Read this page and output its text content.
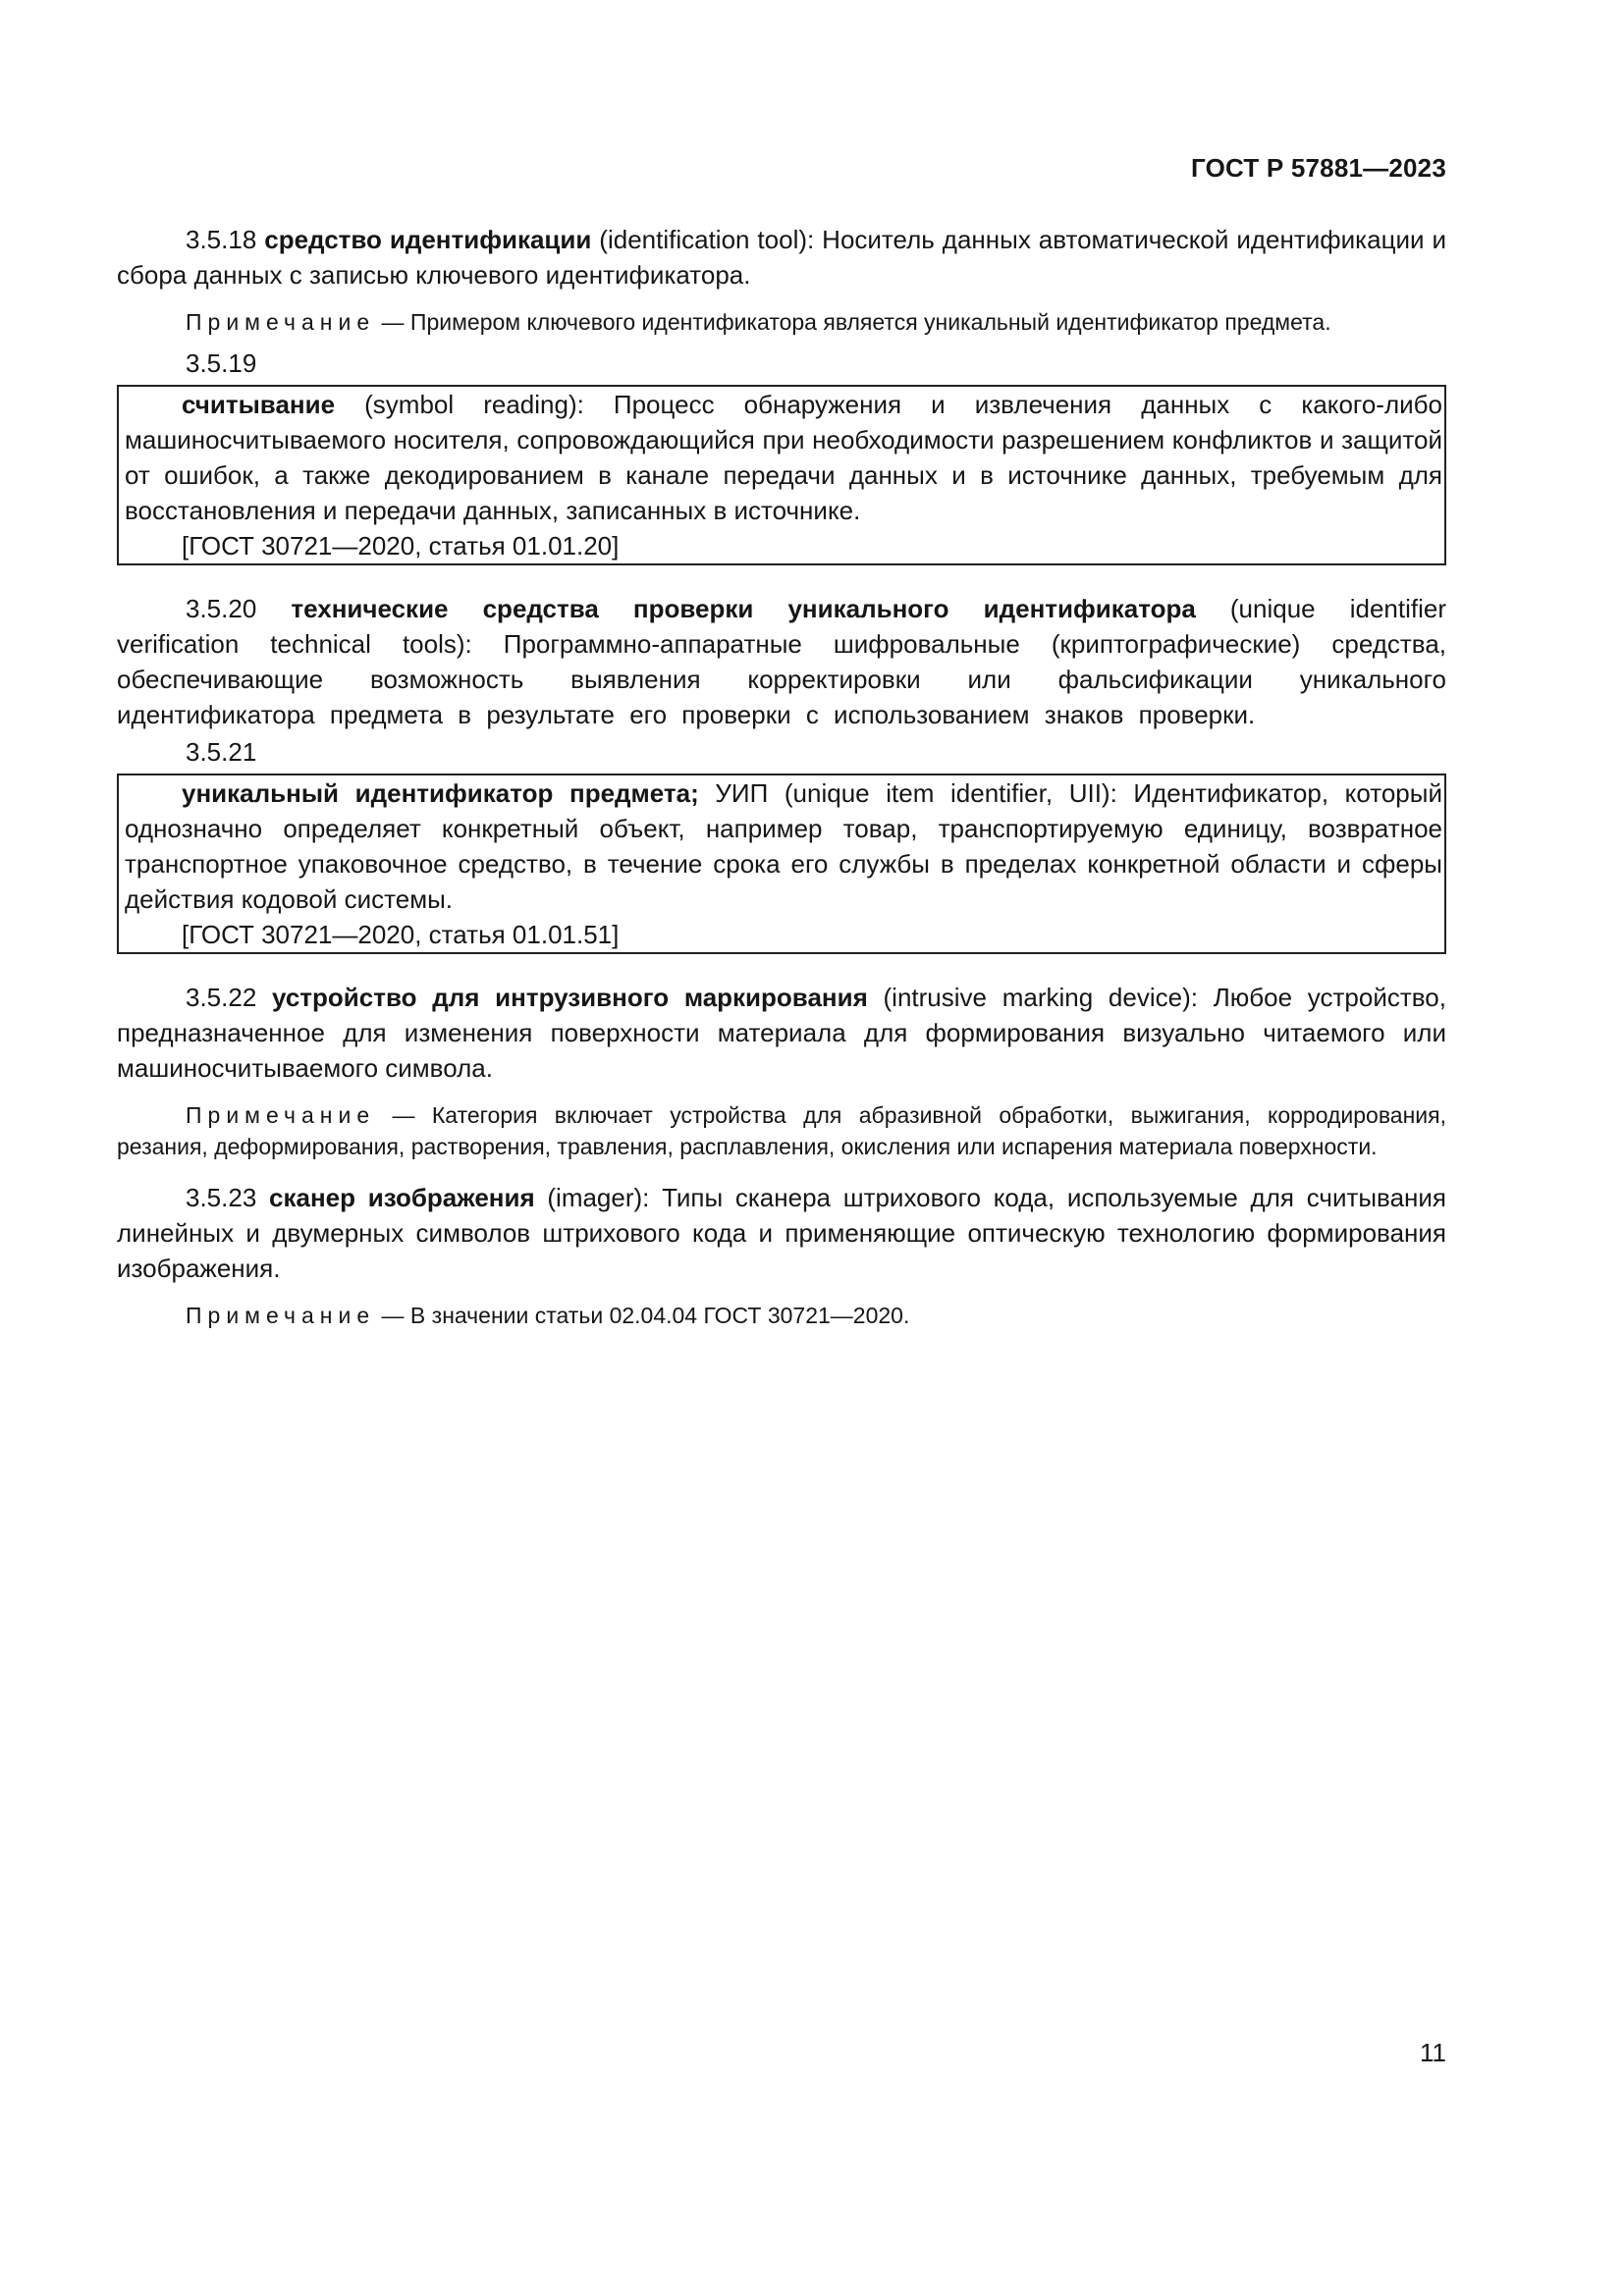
ГОСТ Р 57881—2023

3.5.18 средство идентификации (identification tool): Носитель данных автоматической идентификации и сбора данных с записью ключевого идентификатора.

Примечание — Примером ключевого идентификатора является уникальный идентификатор предмета.

3.5.19

считывание (symbol reading): Процесс обнаружения и извлечения данных с какого-либо машиносчитываемого носителя, сопровождающийся при необходимости разрешением конфликтов и защитой от ошибок, а также декодированием в канале передачи данных и в источнике данных, требуемым для восстановления и передачи данных, записанных в источнике.

[ГОСТ 30721—2020, статья 01.01.20]

3.5.20 технические средства проверки уникального идентификатора (unique identifier verification technical tools): Программно-аппаратные шифровальные (криптографические) средства, обеспечивающие возможность выявления корректировки или фальсификации уникального идентификатора предмета в результате его проверки с использованием знаков проверки.

3.5.21

уникальный идентификатор предмета; УИП (unique item identifier, UII): Идентификатор, который однозначно определяет конкретный объект, например товар, транспортируемую единицу, возвратное транспортное упаковочное средство, в течение срока его службы в пределах конкретной области и сферы действия кодовой системы.

[ГОСТ 30721—2020, статья 01.01.51]

3.5.22 устройство для интрузивного маркирования (intrusive marking device): Любое устройство, предназначенное для изменения поверхности материала для формирования визуально читаемого или машиносчитываемого символа.

Примечание — Категория включает устройства для абразивной обработки, выжигания, корродирования, резания, деформирования, растворения, травления, расплавления, окисления или испарения материала поверхности.

3.5.23 сканер изображения (imager): Типы сканера штрихового кода, используемые для считывания линейных и двумерных символов штрихового кода и применяющие оптическую технологию формирования изображения.

Примечание — В значении статьи 02.04.04 ГОСТ 30721—2020.

11
